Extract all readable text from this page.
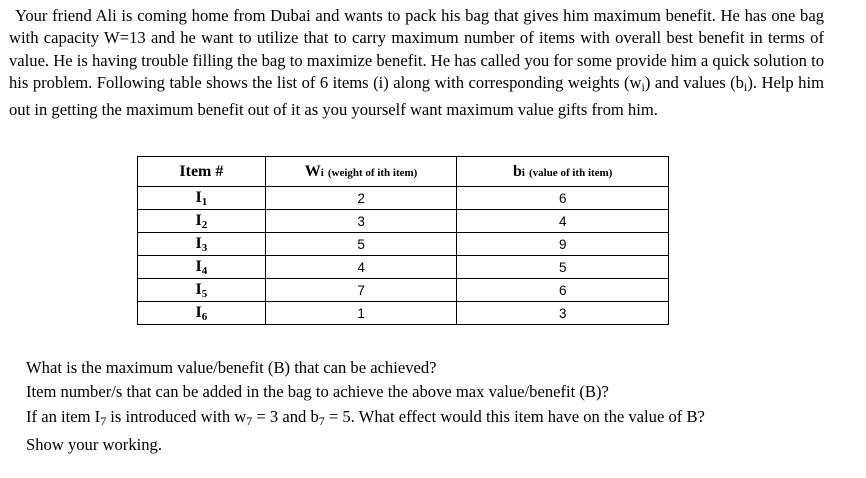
Your friend Ali is coming home from Dubai and wants to pack his bag that gives him maximum benefit. He has one bag with capacity W=13 and he want to utilize that to carry maximum number of items with overall best benefit in terms of value. He is having trouble filling the bag to maximize benefit. He has called you for some provide him a quick solution to his problem. Following table shows the list of 6 items (i) along with corresponding weights $(w_i)$ and values $(b_i)$. Help him out in getting the maximum benefit out of it as you yourself want maximum value gifts from him.

Item #	Wi (weight of ith item)	bi (value of ith item)
$I_1$	2	6
$I_2$	3	4
$I_3$	5	9
$I_4$	4	5
$I_5$	7	6
$I_6$	1	3
What is the maximum value/benefit (B) that can be achieved?
Item number/s that can be added in the bag to achieve the above max value/benefit (B)?
If an item I7 is introduced with w7 = 3 and b7 = 5. What effect would this item have on the value of B?
Show your working.
